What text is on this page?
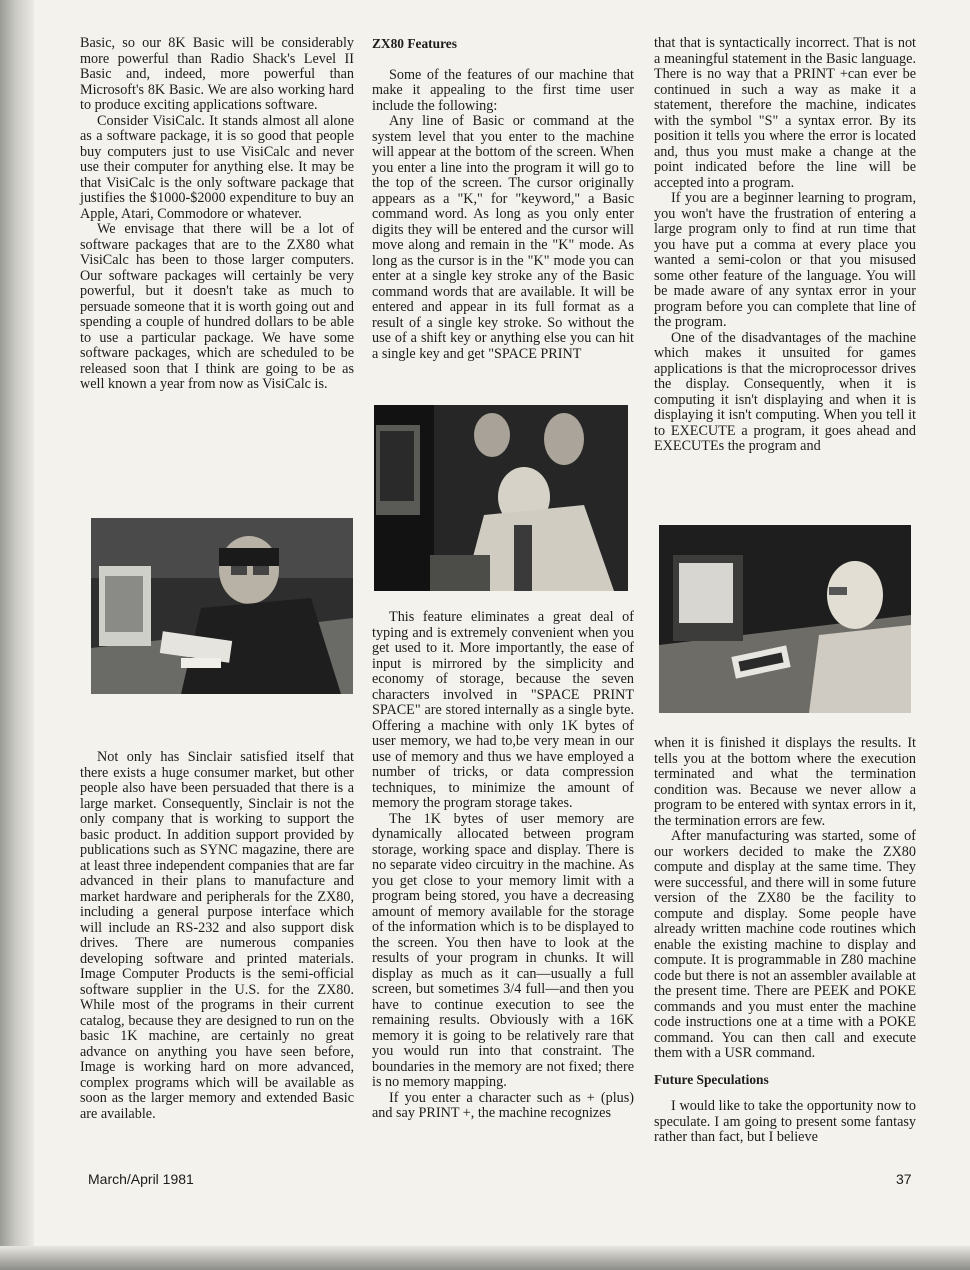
Basic, so our 8K Basic will be considerably more powerful than Radio Shack's Level II Basic and, indeed, more powerful than Microsoft's 8K Basic. We are also working hard to produce exciting applications software.

Consider VisiCalc. It stands almost all alone as a software package, it is so good that people buy computers just to use VisiCalc and never use their computer for anything else. It may be that VisiCalc is the only software package that justifies the $1000-$2000 expenditure to buy an Apple, Atari, Commodore or whatever.

We envisage that there will be a lot of software packages that are to the ZX80 what VisiCalc has been to those larger computers. Our software packages will certainly be very powerful, but it doesn't take as much to persuade someone that it is worth going out and spending a couple of hundred dollars to be able to use a particular package. We have some software packages, which are scheduled to be released soon that I think are going to be as well known a year from now as VisiCalc is.

Not only has Sinclair satisfied itself that there exists a huge consumer market, but other people also have been persuaded that there is a large market. Consequently, Sinclair is not the only company that is working to support the basic product. In addition support provided by publications such as SYNC magazine, there are at least three independent companies that are far advanced in their plans to manufacture and market hardware and peripherals for the ZX80, including a general purpose interface which will include an RS-232 and also support disk drives. There are numerous companies developing software and printed materials. Image Computer Products is the semi-official software supplier in the U.S. for the ZX80. While most of the programs in their current catalog, because they are designed to run on the basic 1K machine, are certainly no great advance on anything you have seen before, Image is working hard on more advanced, complex programs which will be available as soon as the larger memory and extended Basic are available.

ZX80 Features

Some of the features of our machine that make it appealing to the first time user include the following:

Any line of Basic or command at the system level that you enter to the machine will appear at the bottom of the screen. When you enter a line into the program it will go to the top of the screen. The cursor originally appears as a "K," for "keyword," a Basic command word. As long as you only enter digits they will be entered and the cursor will move along and remain in the "K" mode. As long as the cursor is in the "K" mode you can enter at a single key stroke any of the Basic command words that are available. It will be entered and appear in its full format as a result of a single key stroke. So without the use of a shift key or anything else you can hit a single key and get "SPACE PRINT

This feature eliminates a great deal of typing and is extremely convenient when you get used to it. More importantly, the ease of input is mirrored by the simplicity and economy of storage, because the seven characters involved in "SPACE PRINT SPACE" are stored internally as a single byte. Offering a machine with only 1K bytes of user memory, we had to,be very mean in our use of memory and thus we have employed a number of tricks, or data compression techniques, to minimize the amount of memory the program storage takes.

The 1K bytes of user memory are dynamically allocated between program storage, working space and display. There is no separate video circuitry in the machine. As you get close to your memory limit with a program being stored, you have a decreasing amount of memory available for the storage of the information which is to be displayed to the screen. You then have to look at the results of your program in chunks. It will display as much as it can—usually a full screen, but sometimes 3/4 full—and then you have to continue execution to see the remaining results. Obviously with a 16K memory it is going to be relatively rare that you would run into that constraint. The boundaries in the memory are not fixed; there is no memory mapping.

If you enter a character such as + (plus) and say PRINT +, the machine recognizes

that that is syntactically incorrect. That is not a meaningful statement in the Basic language. There is no way that a PRINT +can ever be continued in such a way as make it a statement, therefore the machine, indicates with the symbol "S" a syntax error. By its position it tells you where the error is located and, thus you must make a change at the point indicated before the line will be accepted into a program.

If you are a beginner learning to program, you won't have the frustration of entering a large program only to find at run time that you have put a comma at every place you wanted a semi-colon or that you misused some other feature of the language. You will be made aware of any syntax error in your program before you can complete that line of the program.

One of the disadvantages of the machine which makes it unsuited for games applications is that the microprocessor drives the display. Consequently, when it is computing it isn't displaying and when it is displaying it isn't computing. When you tell it to EXECUTE a program, it goes ahead and EXECUTEs the program and

when it is finished it displays the results. It tells you at the bottom where the execution terminated and what the termination condition was. Because we never allow a program to be entered with syntax errors in it, the termination errors are few.

After manufacturing was started, some of our workers decided to make the ZX80 compute and display at the same time. They were successful, and there will in some future version of the ZX80 be the facility to compute and display. Some people have already written machine code routines which enable the existing machine to display and compute. It is programmable in Z80 machine code but there is not an assembler available at the present time. There are PEEK and POKE commands and you must enter the machine code instructions one at a time with a POKE command. You can then call and execute them with a USR command.

Future Speculations

I would like to take the opportunity now to speculate. I am going to present some fantasy rather than fact, but I believe

March/April 1981	37
